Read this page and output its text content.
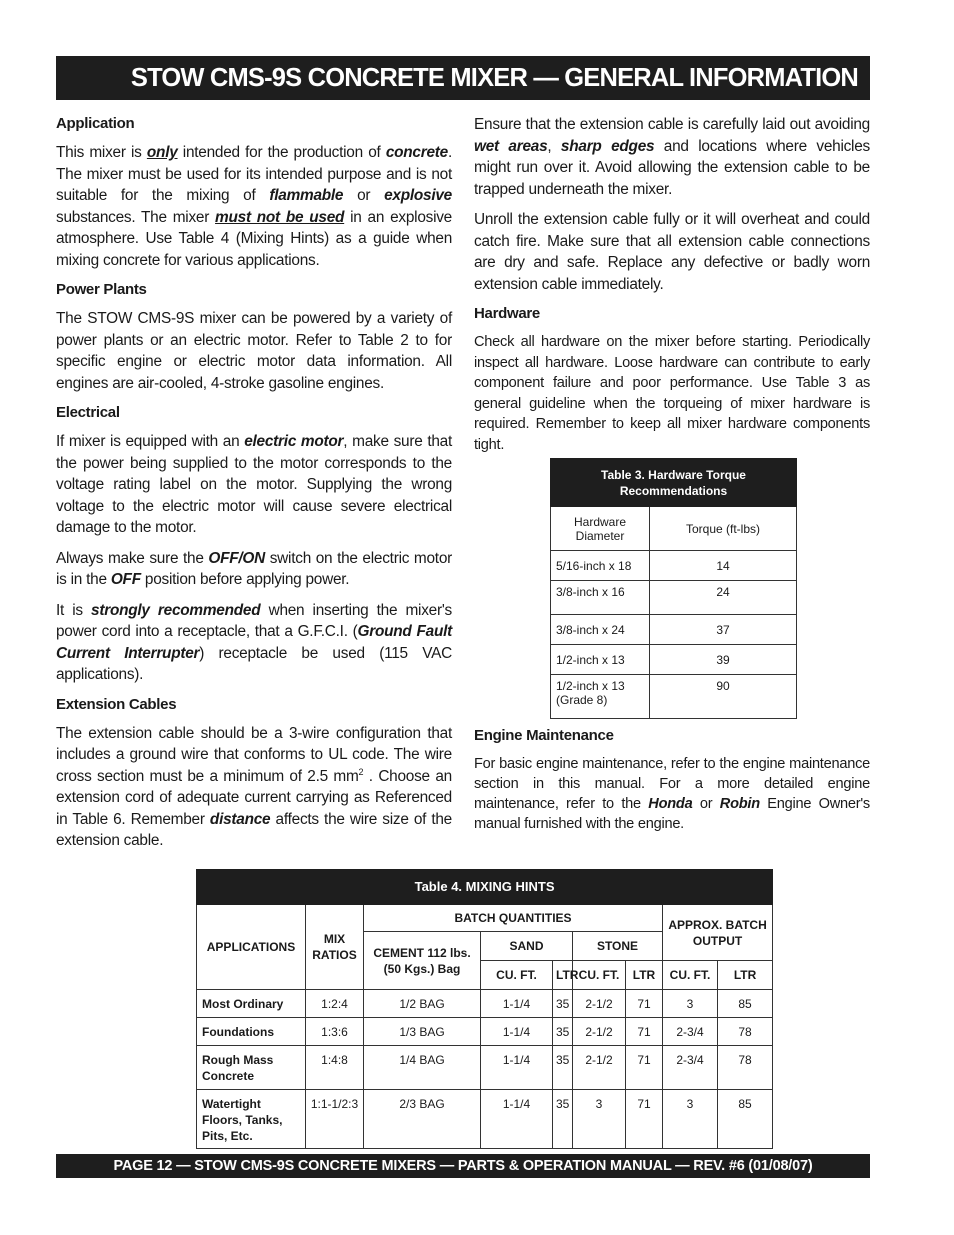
STOW CMS-9S CONCRETE MIXER — GENERAL INFORMATION
Application

This mixer is only intended for the production of concrete. The mixer must be used for its intended purpose and is not suitable for the mixing of flammable or explosive substances. The mixer must not be used in an explosive atmosphere. Use Table 4 (Mixing Hints) as a guide when mixing concrete for various applications.

Power Plants

The STOW CMS-9S mixer can be powered by a variety of power plants or an electric motor. Refer to Table 2 to for specific engine or electric motor data information. All engines are air-cooled, 4-stroke gasoline engines.

Electrical

If mixer is equipped with an electric motor, make sure that the power being supplied to the motor corresponds to the voltage rating label on the motor. Supplying the wrong voltage to the electric motor will cause severe electrical damage to the motor.

Always make sure the OFF/ON switch on the electric motor is in the OFF position before applying power.

It is strongly recommended when inserting the mixer's power cord into a receptacle, that a G.F.C.I. (Ground Fault Current Interrupter) receptacle be used (115 VAC applications).

Extension Cables

The extension cable should be a 3-wire configuration that includes a ground wire that conforms to UL code. The wire cross section must be a minimum of 2.5 $mm^2$ . Choose an extension cord of adequate current carrying as Referenced in Table 6. Remember distance affects the wire size of the extension cable.

Ensure that the extension cable is carefully laid out avoiding wet areas, sharp edges and locations where vehicles might run over it. Avoid allowing the extension cable to be trapped underneath the mixer.

Unroll the extension cable fully or it will overheat and could catch fire. Make sure that all extension cable connections are dry and safe. Replace any defective or badly worn extension cable immediately.

Hardware

Check all hardware on the mixer before starting. Periodically inspect all hardware. Loose hardware can contribute to early component failure and poor performance. Use Table 3 as general guideline when the torqueing of mixer hardware is required. Remember to keep all mixer hardware components tight.

Engine Maintenance

For basic engine maintenance, refer to the engine maintenance section in this manual. For a more detailed engine maintenance, refer to the Honda or Robin Engine Owner's manual furnished with the engine.

Table 3. Hardware Torque Recommendations	
Hardware Diameter	Torque (ft-lbs)
5/16-inch x 18	14
3/8-inch x 16	24
3/8-inch x 24	37
1/2-inch x 13	39
1/2-inch x 13 (Grade 8)	90
Table 4. MIXING HINTS								
APPLICATIONS	MIX RATIOS	BATCH QUANTITIES					APPROX. BATCH OUTPUT	
		CEMENT 112 lbs. (50 Kgs.) Bag	SAND		STONE			
			CU. FT.	LTR	CU. FT.	LTR	CU. FT.	LTR
Most Ordinary	1:2:4	1/2 BAG	1-1/4	35	2-1/2	71	3	85
Foundations	1:3:6	1/3 BAG	1-1/4	35	2-1/2	71	2-3/4	78
Rough Mass Concrete	1:4:8	1/4 BAG	1-1/4	35	2-1/2	71	2-3/4	78
Watertight Floors, Tanks, Pits, Etc.	1:1-1/2:3	2/3 BAG	1-1/4	35	3	71	3	85
PAGE 12 — STOW CMS-9S CONCRETE MIXERS — PARTS & OPERATION MANUAL — REV. #6 (01/08/07)
